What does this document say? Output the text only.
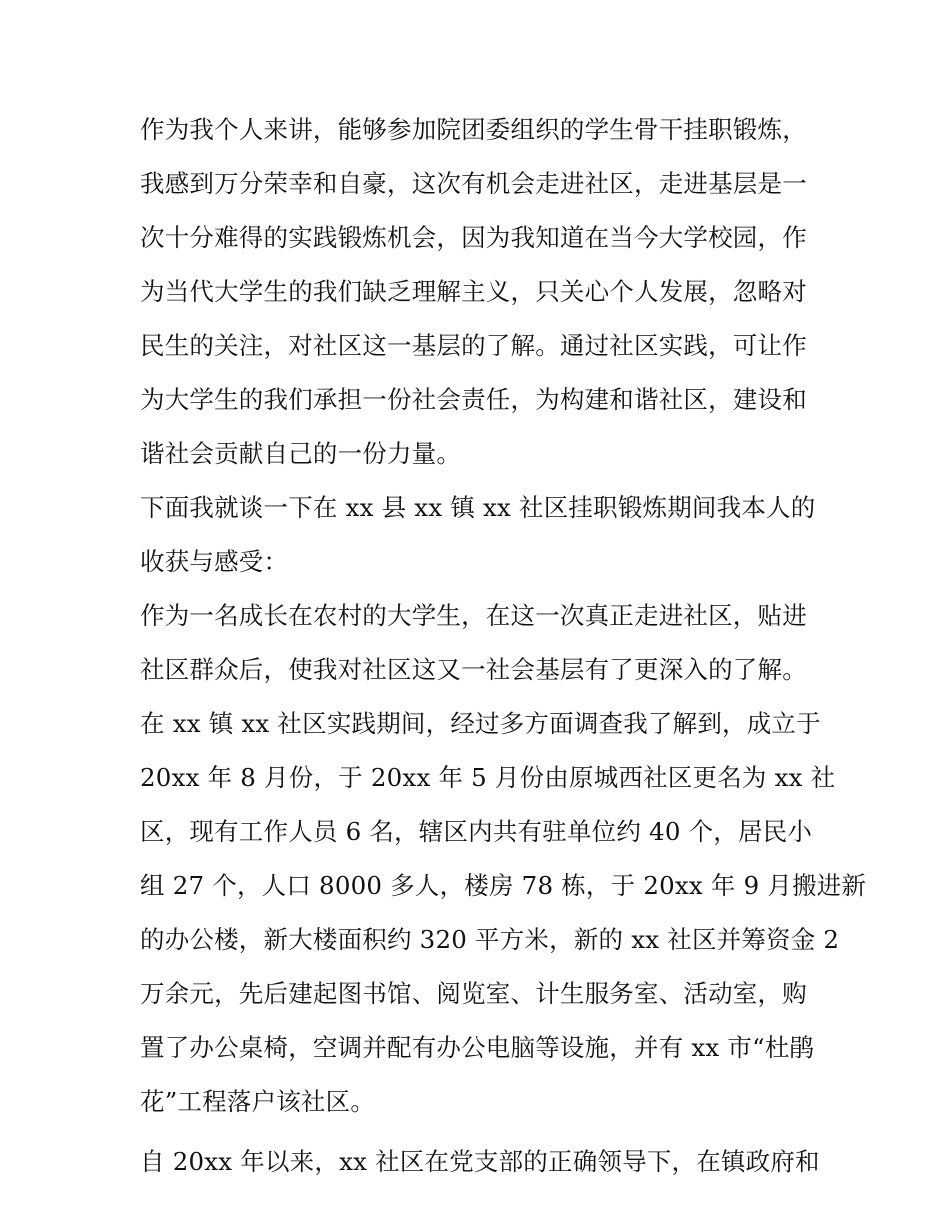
作为我个人来讲，能够参加院团委组织的学生骨干挂职锻炼，
我感到万分荣幸和自豪，这次有机会走进社区，走进基层是一
次十分难得的实践锻炼机会，因为我知道在当今大学校园，作
为当代大学生的我们缺乏理解主义，只关心个人发展，忽略对
民生的关注，对社区这一基层的了解。通过社区实践，可让作
为大学生的我们承担一份社会责任，为构建和谐社区，建设和
谐社会贡献自己的一份力量。
下面我就谈一下在 xx 县 xx 镇 xx 社区挂职锻炼期间我本人的
收获与感受：
作为一名成长在农村的大学生，在这一次真正走进社区，贴进
社区群众后，使我对社区这又一社会基层有了更深入的了解。
在 xx 镇 xx 社区实践期间，经过多方面调查我了解到，成立于
20xx 年 8 月份，于 20xx 年 5 月份由原城西社区更名为 xx 社
区，现有工作人员 6 名，辖区内共有驻单位约 40 个，居民小
组 27 个，人口 8000 多人，楼房 78 栋，于 20xx 年 9 月搬进新
的办公楼，新大楼面积约 320 平方米，新的 xx 社区并筹资金 2
万余元，先后建起图书馆、阅览室、计生服务室、活动室，购
置了办公桌椅，空调并配有办公电脑等设施，并有 xx 市“杜鹃
花”工程落户该社区。
自 20xx 年以来，xx 社区在党支部的正确领导下，在镇政府和
